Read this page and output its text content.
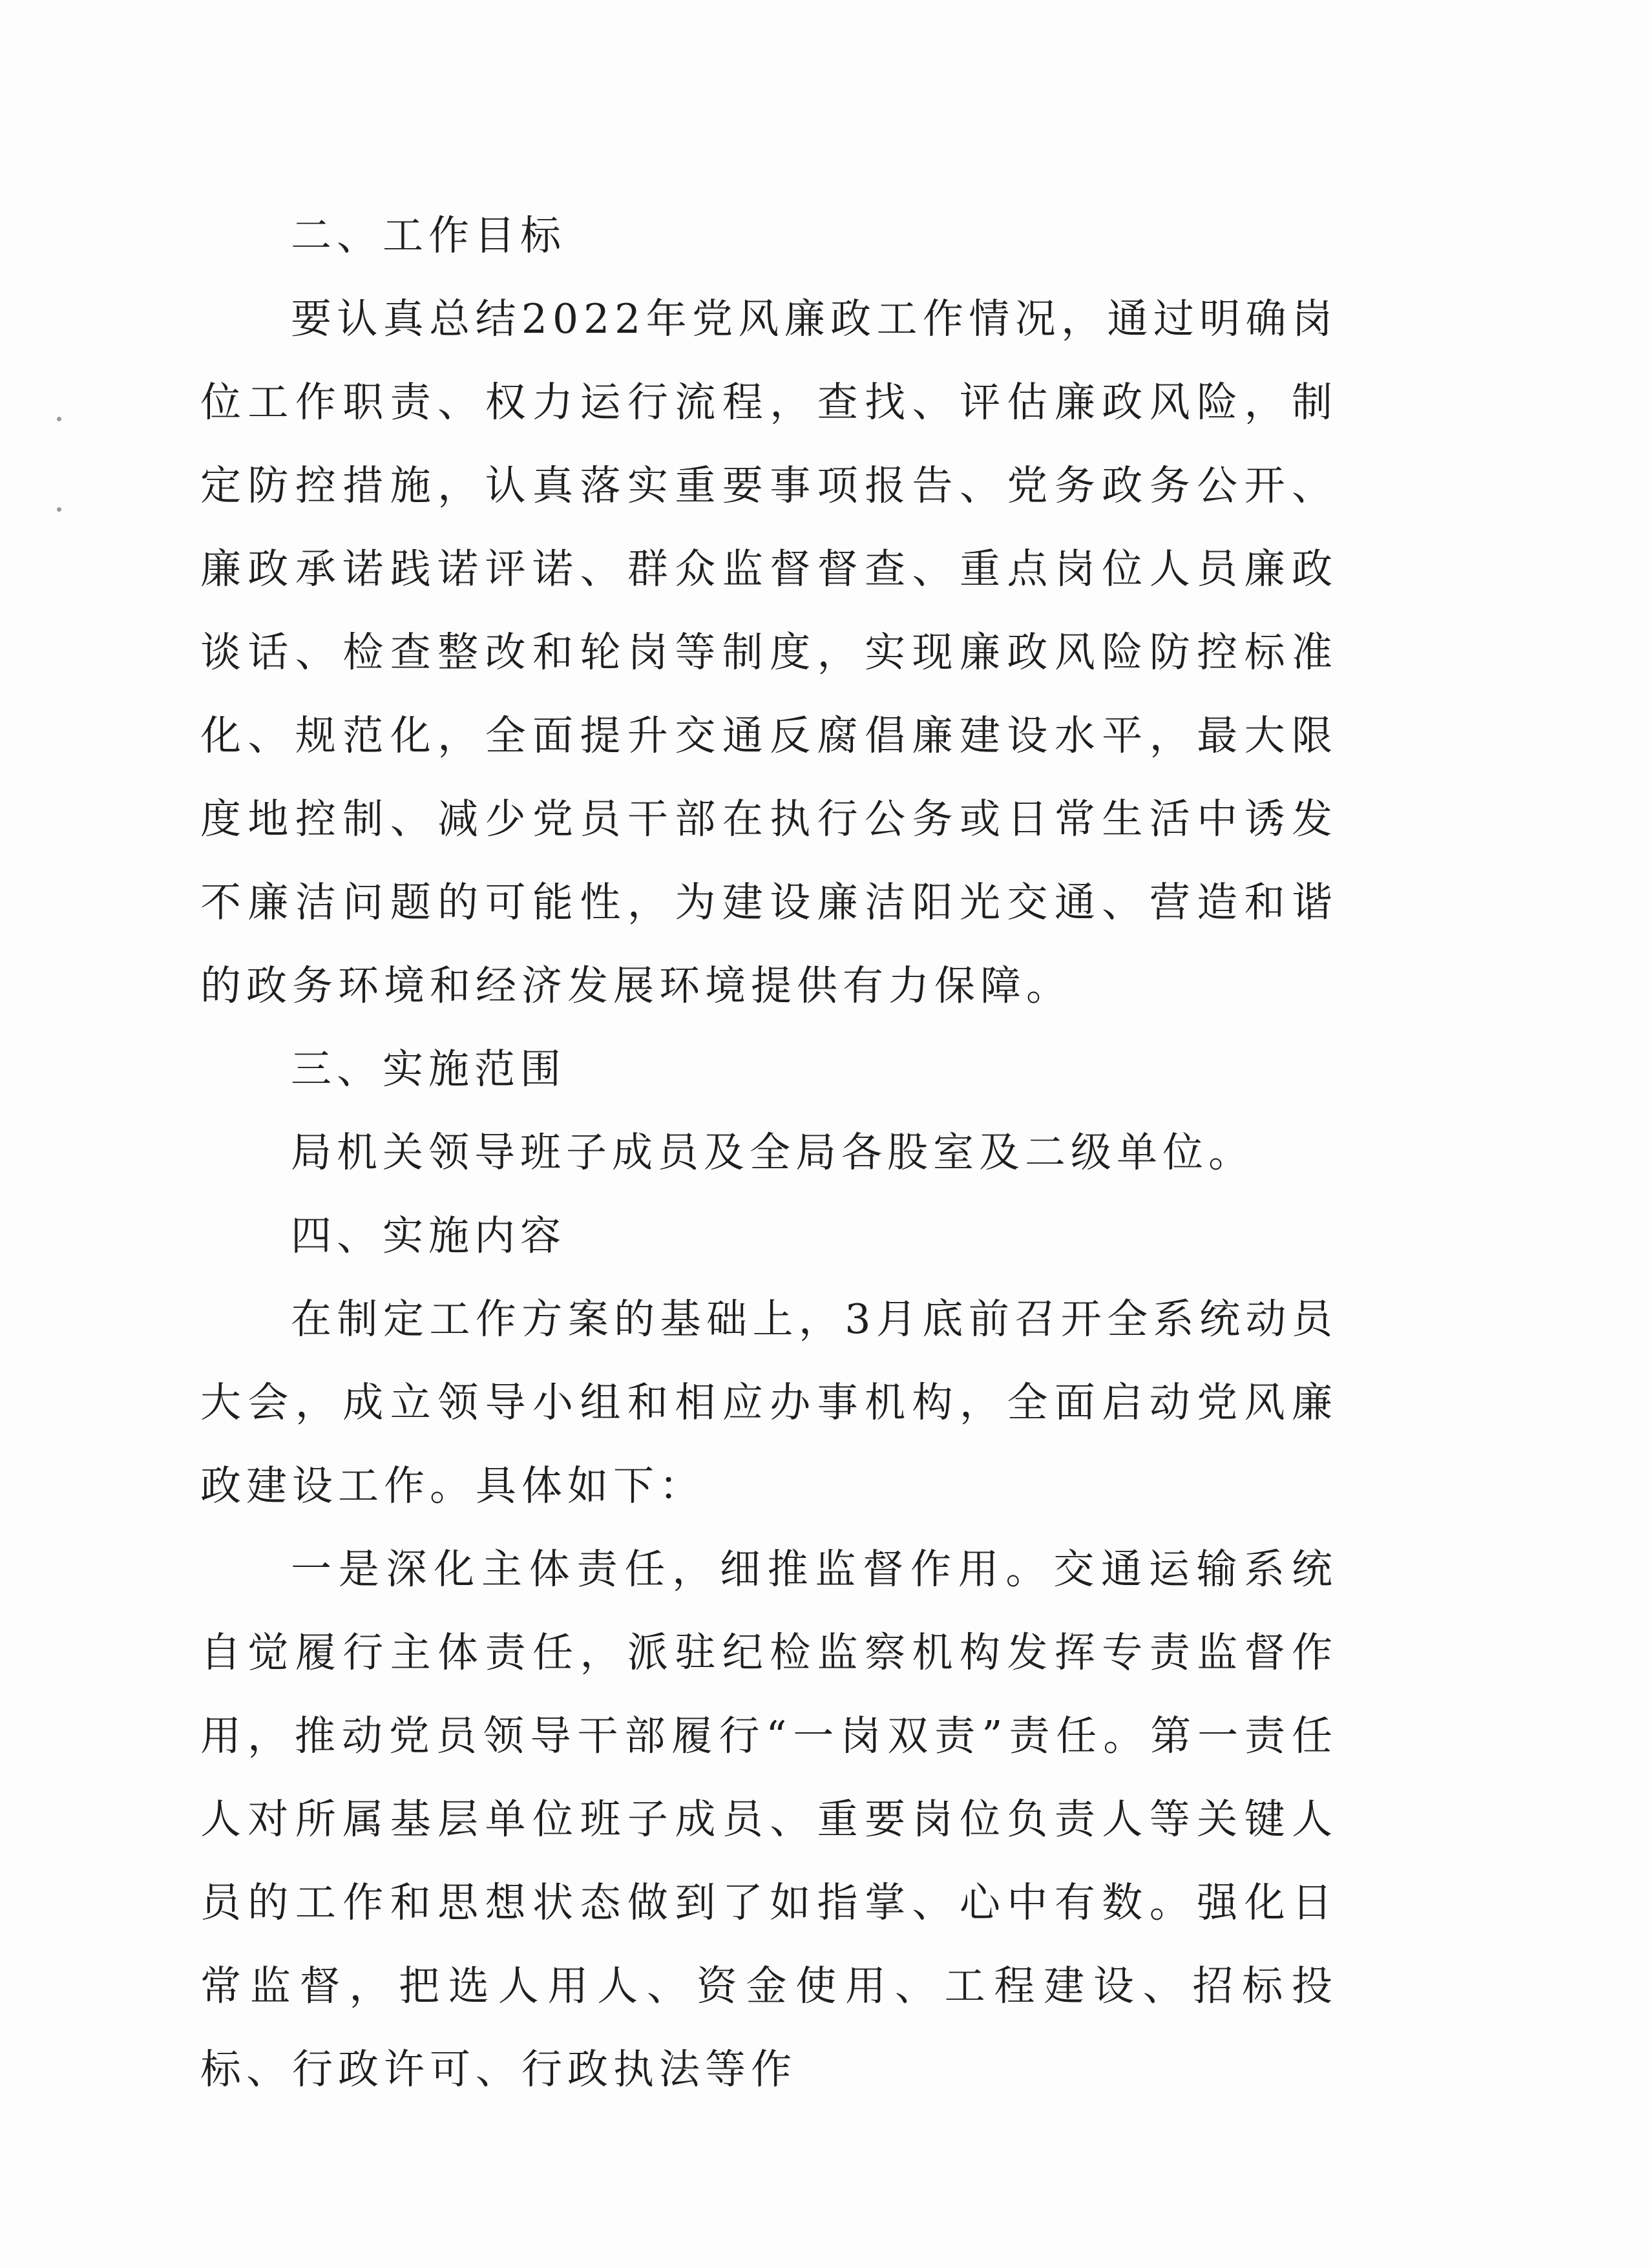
二、工作目标

要认真总结2022年党风廉政工作情况，通过明确岗位工作职责、权力运行流程，查找、评估廉政风险，制定防控措施，认真落实重要事项报告、党务政务公开、廉政承诺践诺评诺、群众监督督查、重点岗位人员廉政谈话、检查整改和轮岗等制度，实现廉政风险防控标准化、规范化，全面提升交通反腐倡廉建设水平，最大限度地控制、减少党员干部在执行公务或日常生活中诱发不廉洁问题的可能性，为建设廉洁阳光交通、营造和谐的政务环境和经济发展环境提供有力保障。

三、实施范围

局机关领导班子成员及全局各股室及二级单位。

四、实施内容

在制定工作方案的基础上，3月底前召开全系统动员大会，成立领导小组和相应办事机构，全面启动党风廉政建设工作。具体如下：

一是深化主体责任，细推监督作用。交通运输系统自觉履行主体责任，派驻纪检监察机构发挥专责监督作用，推动党员领导干部履行“一岗双责”责任。第一责任人对所属基层单位班子成员、重要岗位负责人等关键人员的工作和思想状态做到了如指掌、心中有数。强化日常监督，把选人用人、资金使用、工程建设、招标投标、行政许可、行政执法等作
